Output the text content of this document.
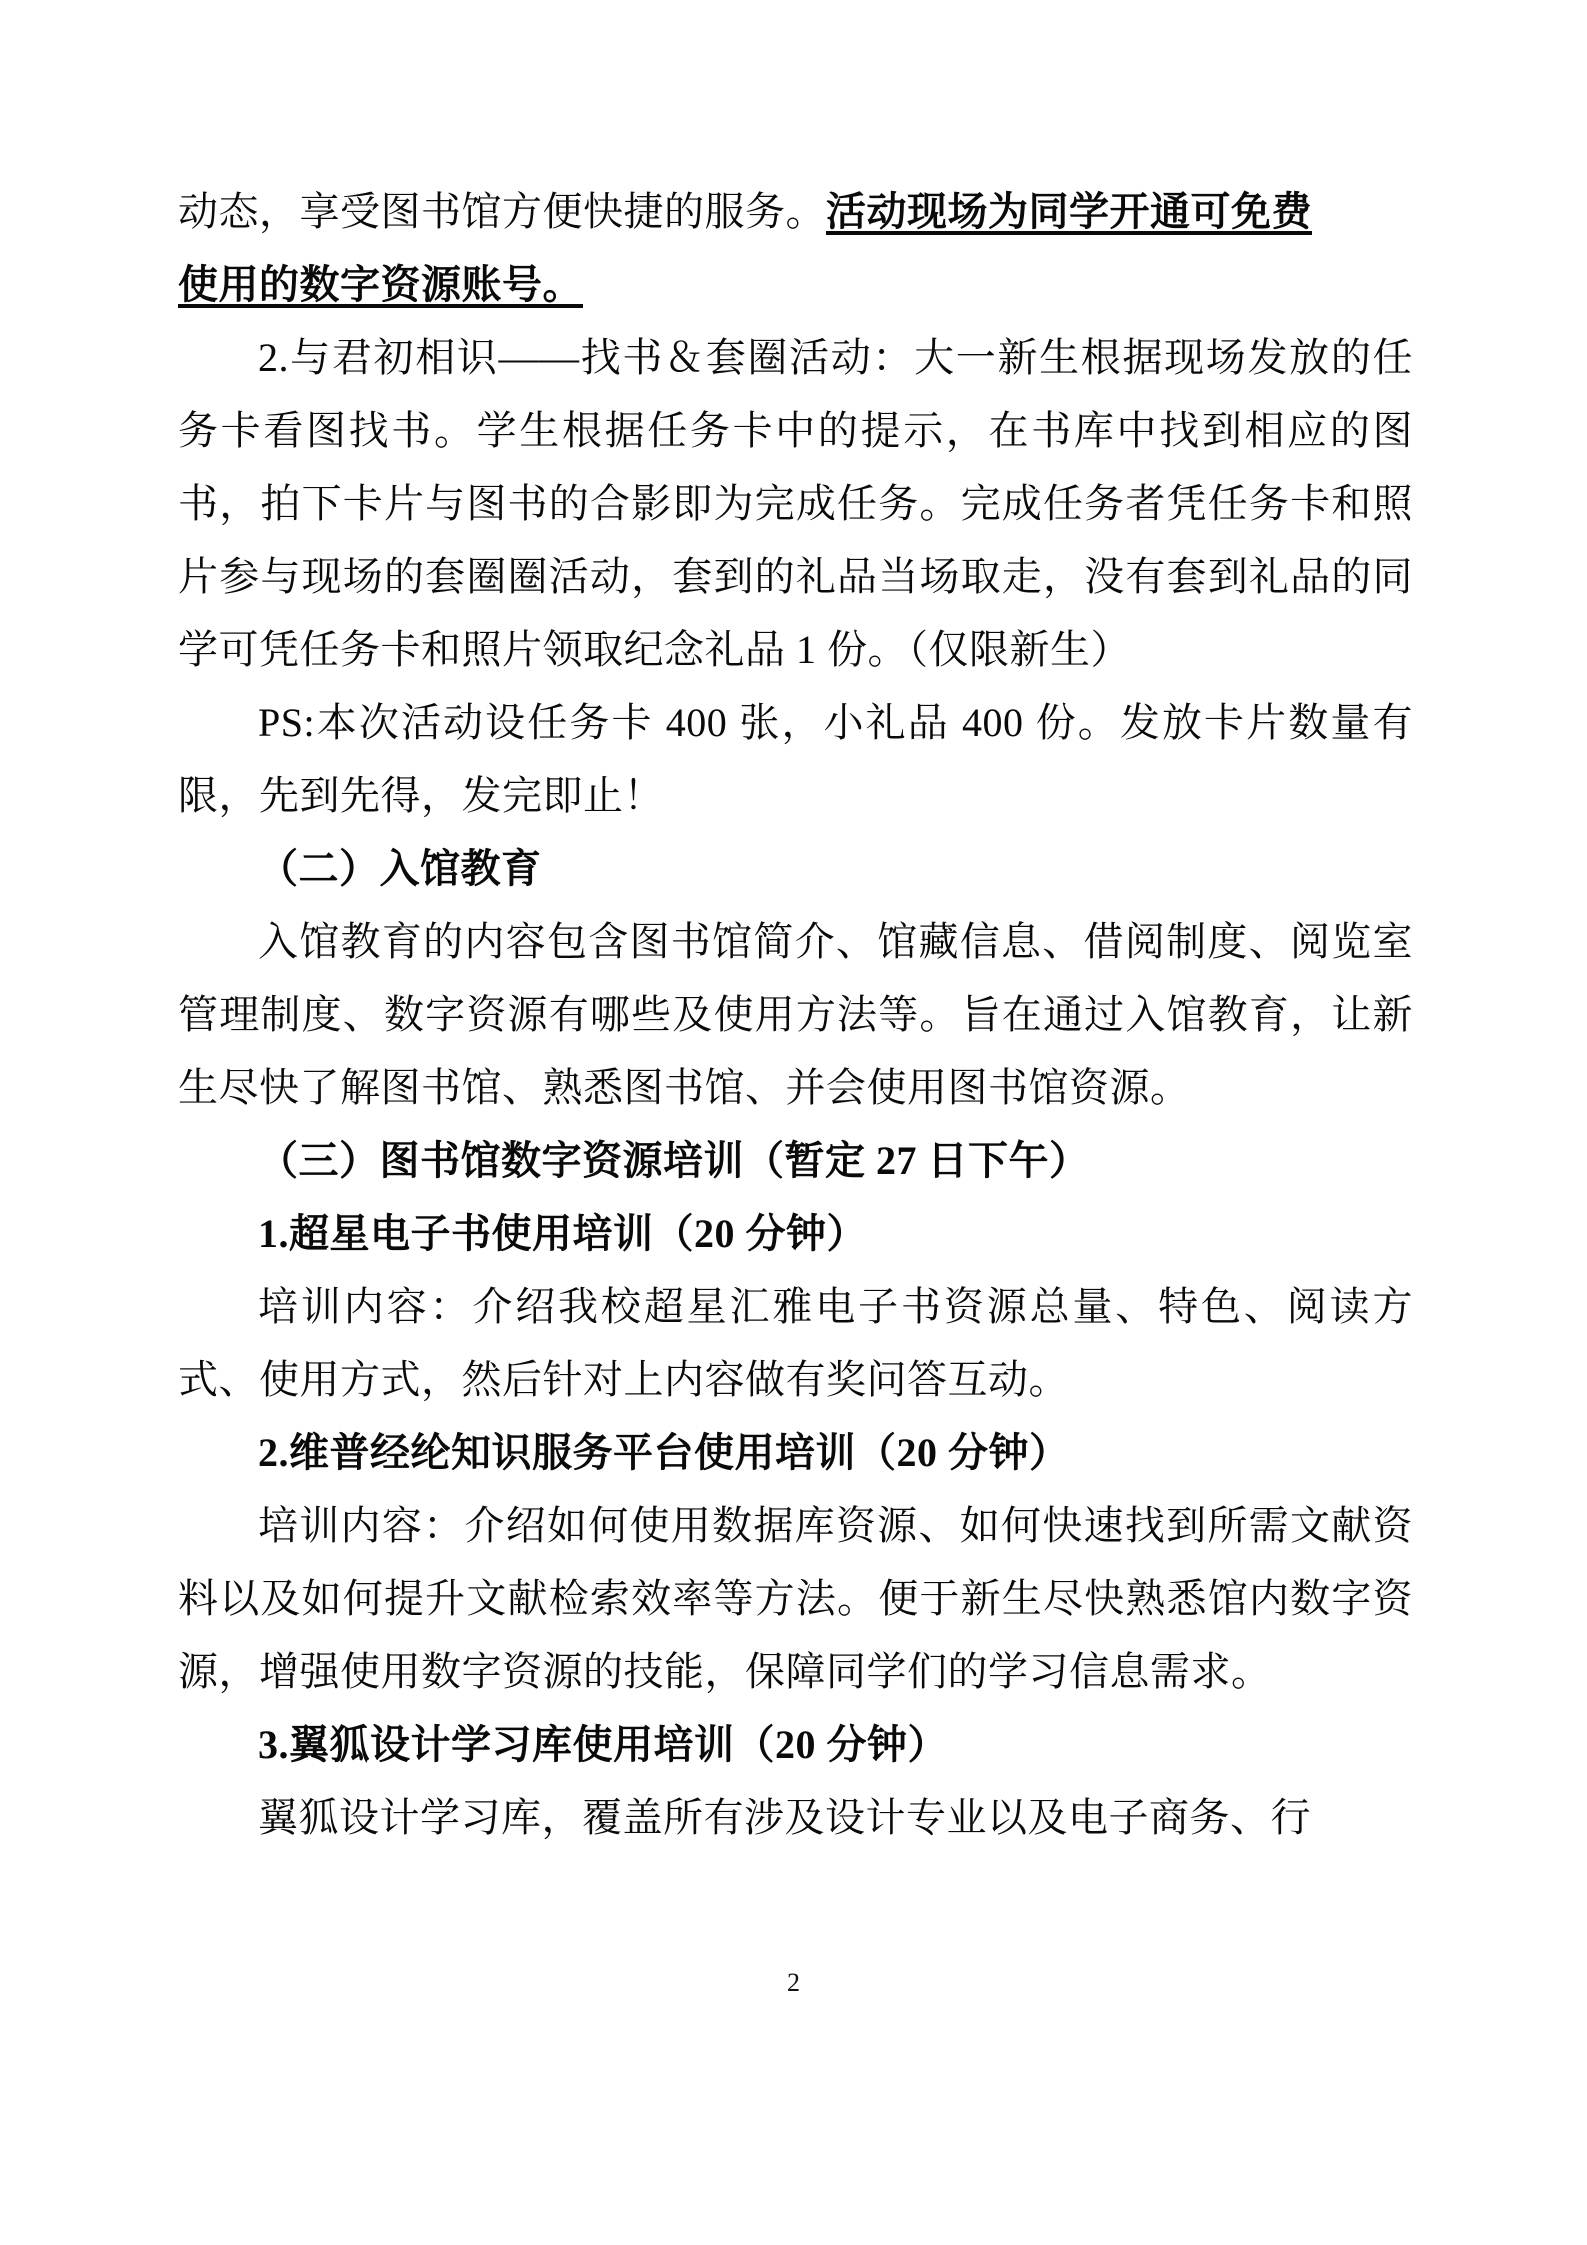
动态，享受图书馆方便快捷的服务。活动现场为同学开通可免费

使用的数字资源账号。

2.与君初相识——找书＆套圈活动：大一新生根据现场发放的任务卡看图找书。学生根据任务卡中的提示，在书库中找到相应的图书，拍下卡片与图书的合影即为完成任务。完成任务者凭任务卡和照片参与现场的套圈圈活动，套到的礼品当场取走，没有套到礼品的同学可凭任务卡和照片领取纪念礼品 1 份。（仅限新生）

PS:本次活动设任务卡 400 张，小礼品 400 份。发放卡片数量有限，先到先得，发完即止！

（二）入馆教育

入馆教育的内容包含图书馆简介、馆藏信息、借阅制度、阅览室管理制度、数字资源有哪些及使用方法等。旨在通过入馆教育，让新生尽快了解图书馆、熟悉图书馆、并会使用图书馆资源。

（三）图书馆数字资源培训（暂定 27 日下午）

1.超星电子书使用培训（20 分钟）

培训内容：介绍我校超星汇雅电子书资源总量、特色、阅读方式、使用方式，然后针对上内容做有奖问答互动。

2.维普经纶知识服务平台使用培训（20 分钟）

培训内容：介绍如何使用数据库资源、如何快速找到所需文献资料以及如何提升文献检索效率等方法。便于新生尽快熟悉馆内数字资源，增强使用数字资源的技能，保障同学们的学习信息需求。

3.翼狐设计学习库使用培训（20 分钟）

翼狐设计学习库，覆盖所有涉及设计专业以及电子商务、行

2
